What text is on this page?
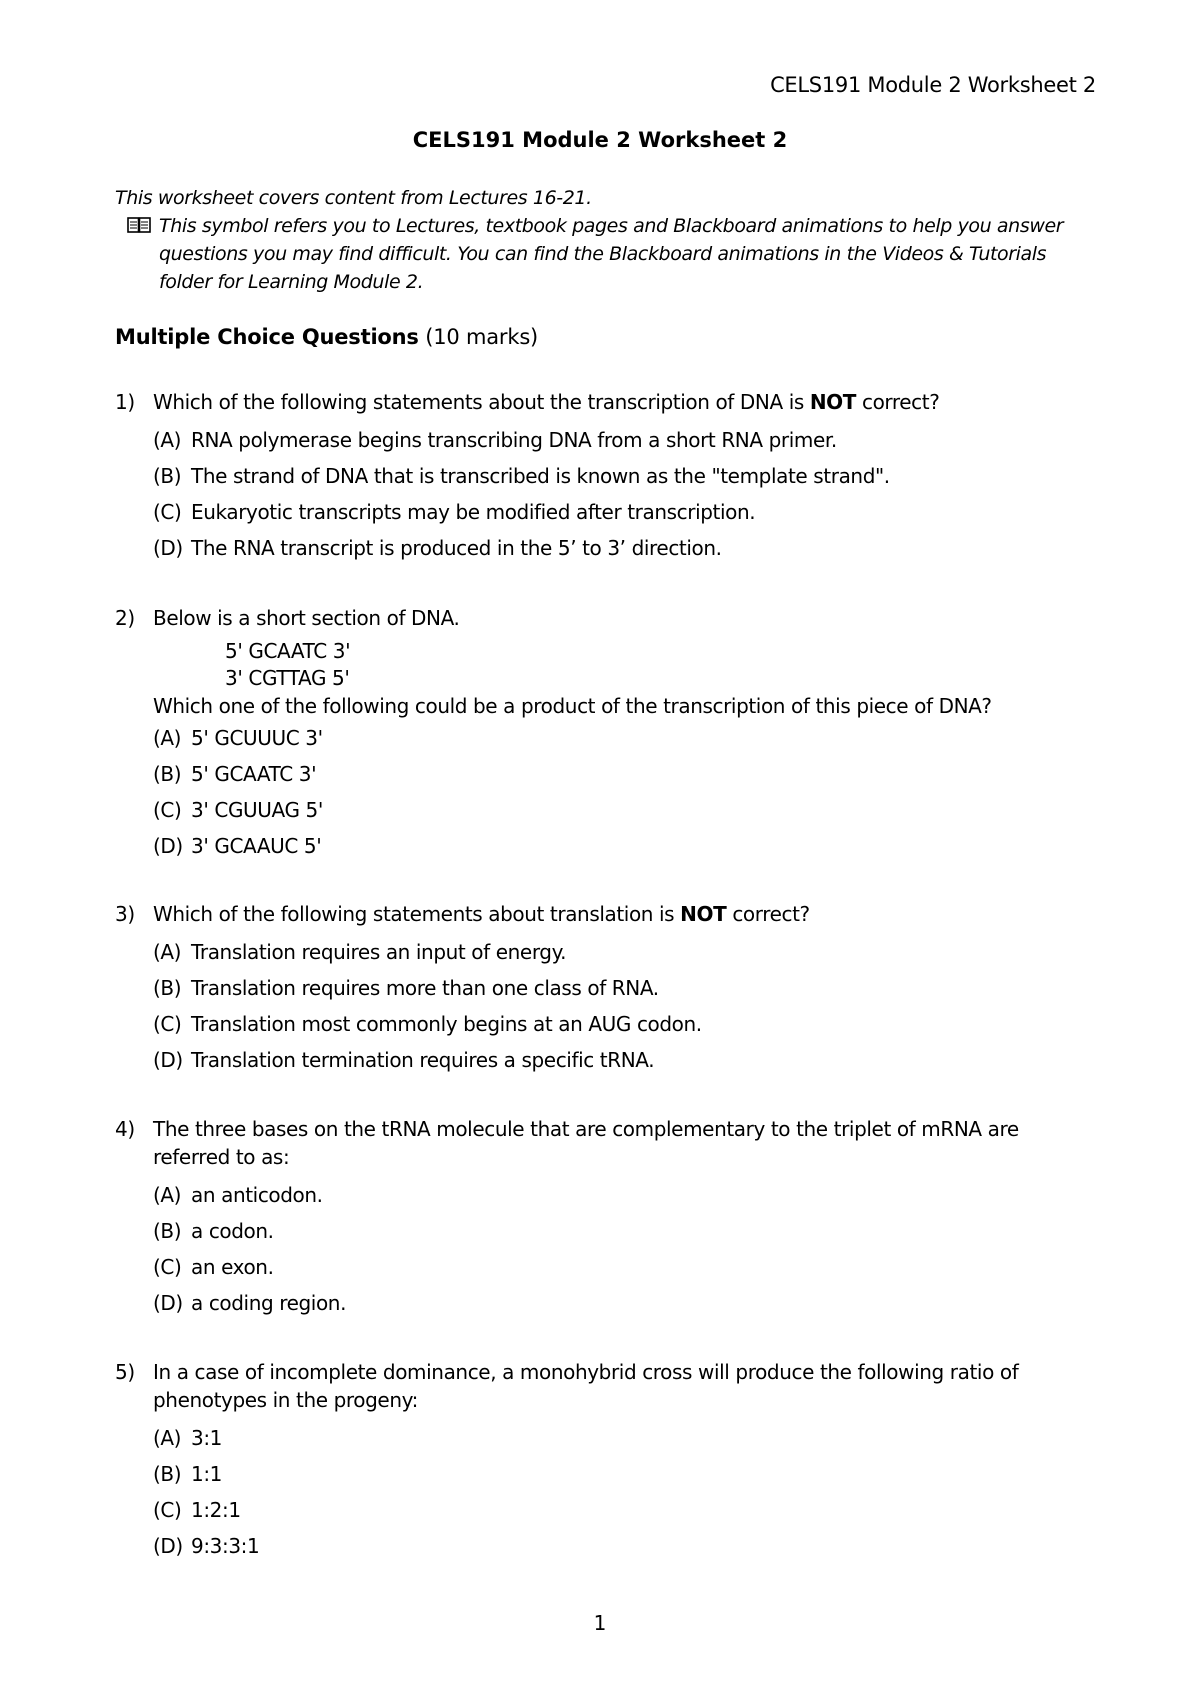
CELS191 Module 2 Worksheet 2
CELS191 Module 2 Worksheet 2
This worksheet covers content from Lectures 16-21.
This symbol refers you to Lectures, textbook pages and Blackboard animations to help you answer questions you may find difficult. You can find the Blackboard animations in the Videos & Tutorials folder for Learning Module 2.
Multiple Choice Questions (10 marks)
1) Which of the following statements about the transcription of DNA is NOT correct?
(A) RNA polymerase begins transcribing DNA from a short RNA primer.
(B) The strand of DNA that is transcribed is known as the "template strand".
(C) Eukaryotic transcripts may be modified after transcription.
(D) The RNA transcript is produced in the 5’ to 3’ direction.
2) Below is a short section of DNA.
5' GCAATC 3'
3' CGTTAG 5'
Which one of the following could be a product of the transcription of this piece of DNA?
(A) 5' GCUUUC 3'
(B) 5' GCAATC 3'
(C) 3' CGUUAG 5'
(D) 3' GCAAUC 5'
3) Which of the following statements about translation is NOT correct?
(A) Translation requires an input of energy.
(B) Translation requires more than one class of RNA.
(C) Translation most commonly begins at an AUG codon.
(D) Translation termination requires a specific tRNA.
4) The three bases on the tRNA molecule that are complementary to the triplet of mRNA are referred to as:
(A) an anticodon.
(B) a codon.
(C) an exon.
(D) a coding region.
5) In a case of incomplete dominance, a monohybrid cross will produce the following ratio of phenotypes in the progeny:
(A) 3:1
(B) 1:1
(C) 1:2:1
(D) 9:3:3:1
1
